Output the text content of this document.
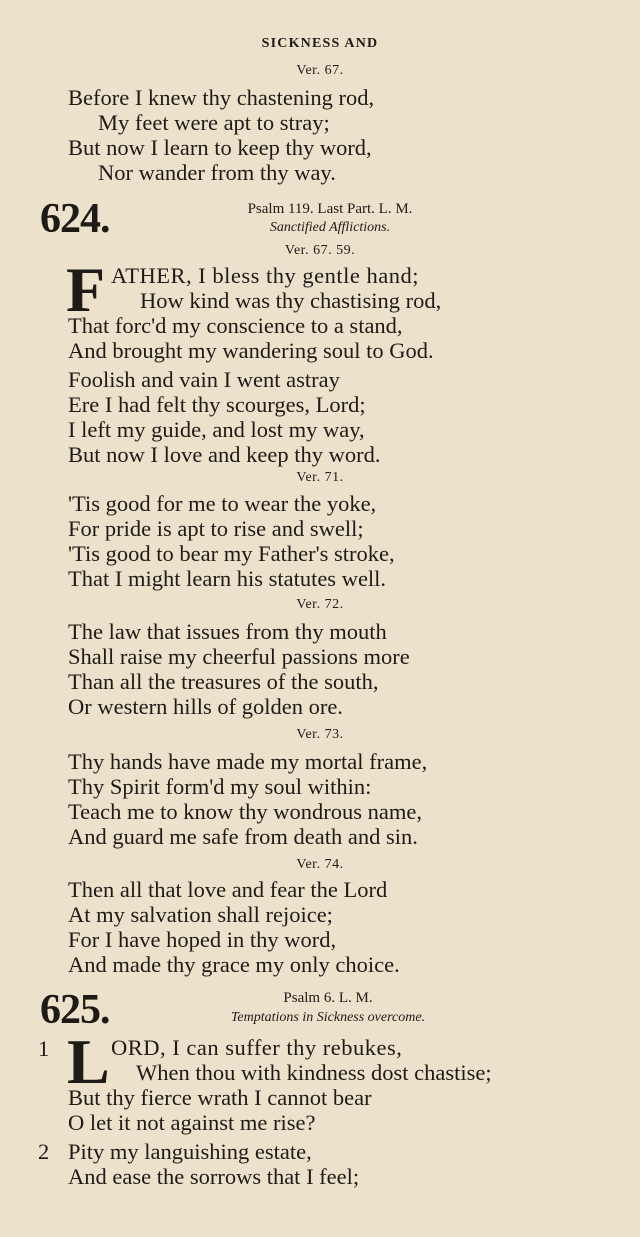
SICKNESS AND
Ver. 67.
Before I knew thy chastening rod,
My feet were apt to stray;
But now I learn to keep thy word,
Nor wander from thy way.
624.	Psalm 119. Last Part. L. M.
Sanctified Afflictions.
Ver. 67. 59.
F ATHER, I bless thy gentle hand;
How kind was thy chastising rod,
That forc'd my conscience to a stand,
And brought my wandering soul to God.
Foolish and vain I went astray
Ere I had felt thy scourges, Lord;
I left my guide, and lost my way,
But now I love and keep thy word.
Ver. 71.
'Tis good for me to wear the yoke,
For pride is apt to rise and swell;
'Tis good to bear my Father's stroke,
That I might learn his statutes well.
Ver. 72.
The law that issues from thy mouth
Shall raise my cheerful passions more
Than all the treasures of the south,
Or western hills of golden ore.
Ver. 73.
Thy hands have made my mortal frame,
Thy Spirit form'd my soul within:
Teach me to know thy wondrous name,
And guard me safe from death and sin.
Ver. 74.
Then all that love and fear the Lord
At my salvation shall rejoice;
For I have hoped in thy word,
And made thy grace my only choice.
625.	Psalm 6. L. M.
Temptations in Sickness overcome.
1 L ORD, I can suffer thy rebukes,
When thou with kindness dost chastise;
But thy fierce wrath I cannot bear
O let it not against me rise?
2 Pity my languishing estate,
And ease the sorrows that I feel;
